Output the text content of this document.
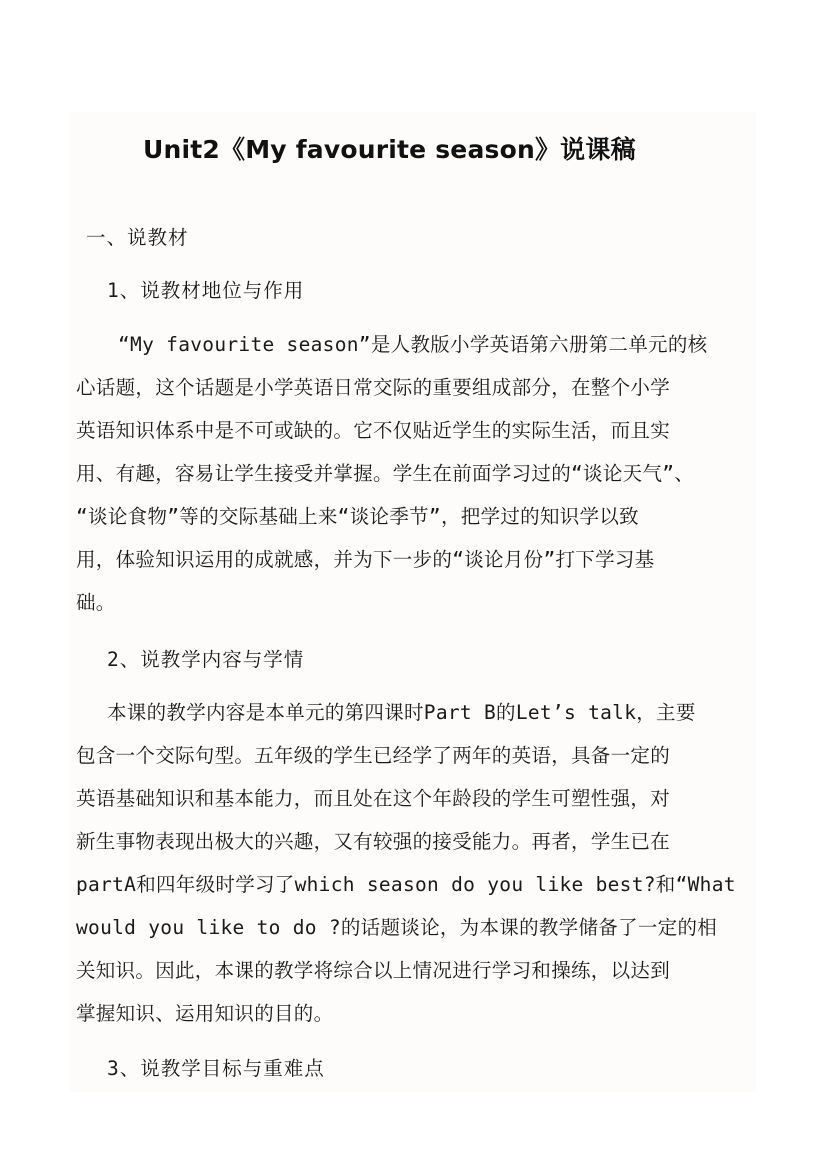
Unit2《My favourite season》说课稿

一、说教材

1、说教材地位与作用

“My favourite season”是人教版小学英语第六册第二单元的核

心话题，这个话题是小学英语日常交际的重要组成部分，在整个小学

英语知识体系中是不可或缺的。它不仅贴近学生的实际生活，而且实

用、有趣，容易让学生接受并掌握。学生在前面学习过的“谈论天气”、

“谈论食物”等的交际基础上来“谈论季节”，把学过的知识学以致

用，体验知识运用的成就感，并为下一步的“谈论月份”打下学习基

础。

2、说教学内容与学情

本课的教学内容是本单元的第四课时Part B的Let’s talk，主要

包含一个交际句型。五年级的学生已经学了两年的英语，具备一定的

英语基础知识和基本能力，而且处在这个年龄段的学生可塑性强，对

新生事物表现出极大的兴趣，又有较强的接受能力。再者，学生已在

partA和四年级时学习了which season do you like best?和“What

would you like to do ?的话题谈论，为本课的教学储备了一定的相

关知识。因此，本课的教学将综合以上情况进行学习和操练，以达到

掌握知识、运用知识的目的。

3、说教学目标与重难点
